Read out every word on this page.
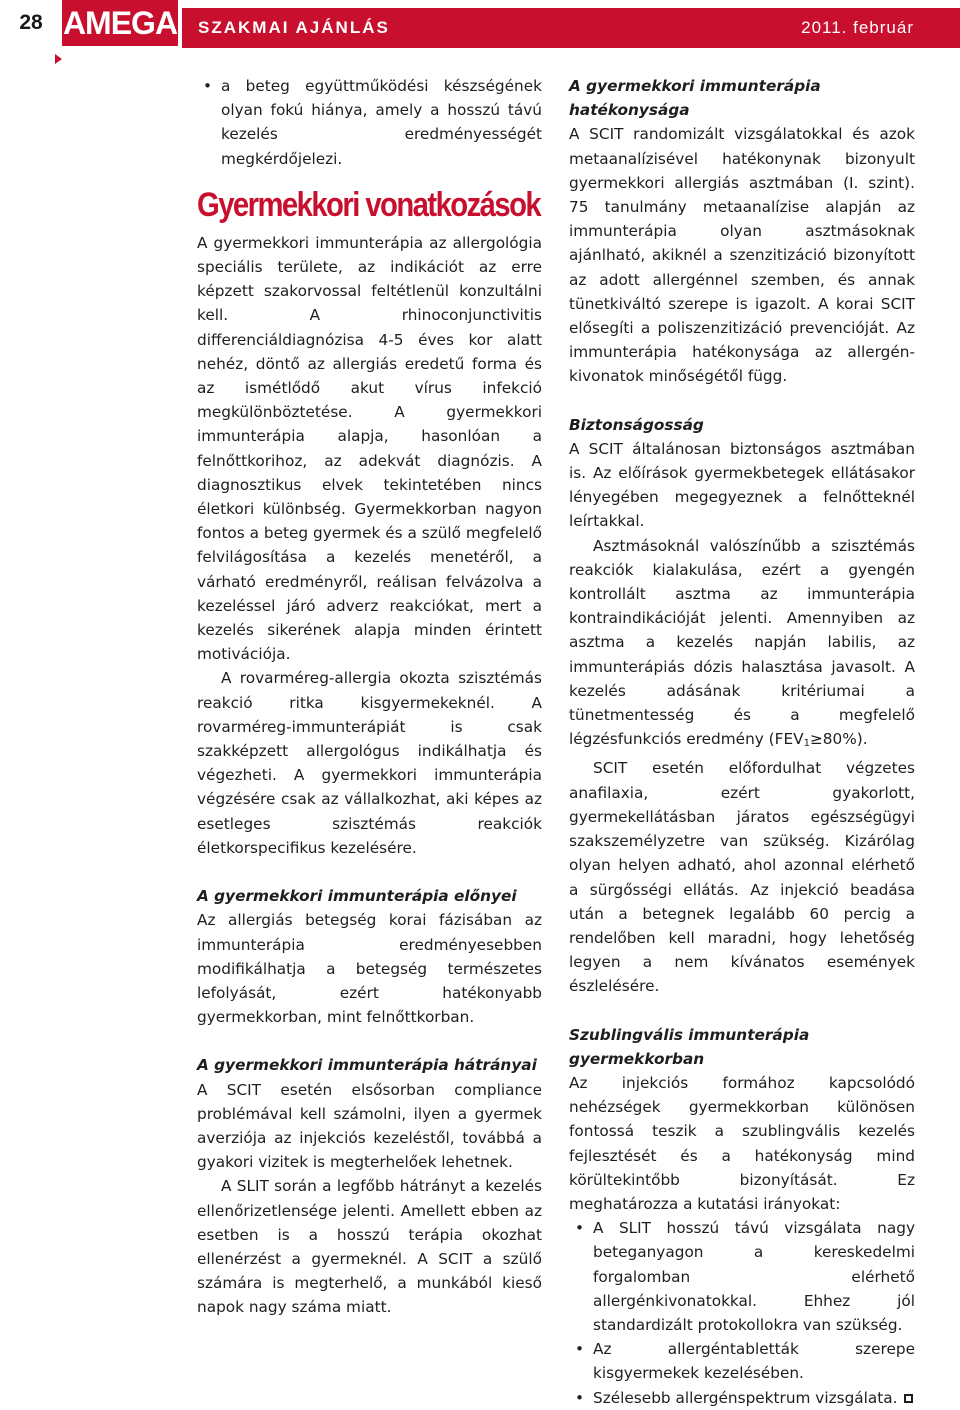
28 AMEGA SZAKMAI AJÁNLÁS	2011. február
• a beteg együttműködési készségének olyan fokú hiánya, amely a hosszú távú kezelés eredményességét megkérdőjelezi.
Gyermekkori vonatkozások

A gyermekkori immunterápia az allergológia speciális területe, az indikációt az erre képzett szakorvossal feltétlenül konzultálni kell. A rhinoconjunctivitis differenciáldiagnózisa 4-5 éves kor alatt nehéz, döntő az allergiás eredetű forma és az ismétlődő akut vírus infekció megkülönböztetése. A gyermekkori immunterápia alapja, hasonlóan a felnőttkorihoz, az adekvát diagnózis. A diagnosztikus elvek tekintetében nincs életkori különbség. Gyermekkorban nagyon fontos a beteg gyermek és a szülő megfelelő felvilágosítása a kezelés menetéről, a várható eredményről, reálisan felvázolva a kezeléssel járó adverz reakciókat, mert a kezelés sikerének alapja minden érintett motivációja.

A rovarméreg-allergia okozta szisztémás reakció ritka kisgyermekeknél. A rovarméreg-immunterápiát is csak szakképzett allergológus indikálhatja és végezheti. A gyermekkori immunterápia végzésére csak az vállalkozhat, aki képes az esetleges szisztémás reakciók életkorspecifikus kezelésére.

A gyermekkori immunterápia előnyei

Az allergiás betegség korai fázisában az immunterápia eredményesebben modifikálhatja a betegség természetes lefolyását, ezért hatékonyabb gyermekkorban, mint felnőttkorban.

A gyermekkori immunterápia hátrányai

A SCIT esetén elsősorban compliance problémával kell számolni, ilyen a gyermek averziója az injekciós kezeléstől, továbbá a gyakori vizitek is megterhelőek lehetnek.

A SLIT során a legfőbb hátrányt a kezelés ellenőrizetlensége jelenti. Amellett ebben az esetben is a hosszú terápia okozhat ellenérzést a gyermeknél. A SCIT a szülő számára is megterhelő, a munkából kieső napok nagy száma miatt.

A gyermekkori immunterápia hatékonysága

A SCIT randomizált vizsgálatokkal és azok metaanalízisével hatékonynak bizonyult gyermekkori allergiás asztmában (I. szint). 75 tanulmány metaanalízise alapján az immunterápia olyan asztmásoknak ajánlható, akiknél a szenzitizáció bizonyított az adott allergénnel szemben, és annak tünetkiváltó szerepe is igazolt. A korai SCIT elősegíti a poliszenzitizáció prevencióját. Az immunterápia hatékonysága az allergén-kivonatok minőségétől függ.

Biztonságosság

A SCIT általánosan biztonságos asztmában is. Az előírások gyermekbetegek ellátásakor lényegében megegyeznek a felnőtteknél leírtakkal.

Asztmásoknál valószínűbb a szisztémás reakciók kialakulása, ezért a gyengén kontrollált asztma az immunterápia kontraindikációját jelenti. Amennyiben az asztma a kezelés napján labilis, az immunterápiás dózis halasztása javasolt. A kezelés adásának kritériumai a tünetmentesség és a megfelelő légzésfunkciós eredmény $(FEV_1\ge 80\%)$.

SCIT esetén előfordulhat végzetes anafilaxia, ezért gyakorlott, gyermekellátásban járatos egészségügyi szakszemélyzetre van szükség. Kizárólag olyan helyen adható, ahol azonnal elérhető a sürgősségi ellátás. Az injekció beadása után a betegnek legalább 60 percig a rendelőben kell maradni, hogy lehetőség legyen a nem kívánatos események észlelésére.

Szublingvális immunterápia gyermekkorban

Az injekciós formához kapcsolódó nehézségek gyermekkorban különösen fontossá teszik a szublingvális kezelés fejlesztését és a hatékonyság mind körültekintőbb bizonyítását. Ez meghatározza a kutatási irányokat:

• A SLIT hosszú távú vizsgálata nagy beteganyagon a kereskedelmi forgalomban elérhető allergénkivonatokkal. Ehhez jól standardizált protokollokra van szükség.
• Az allergéntabletták szerepe kisgyermekek kezelésében.
• Szélesebb allergénspektrum vizsgálata.
